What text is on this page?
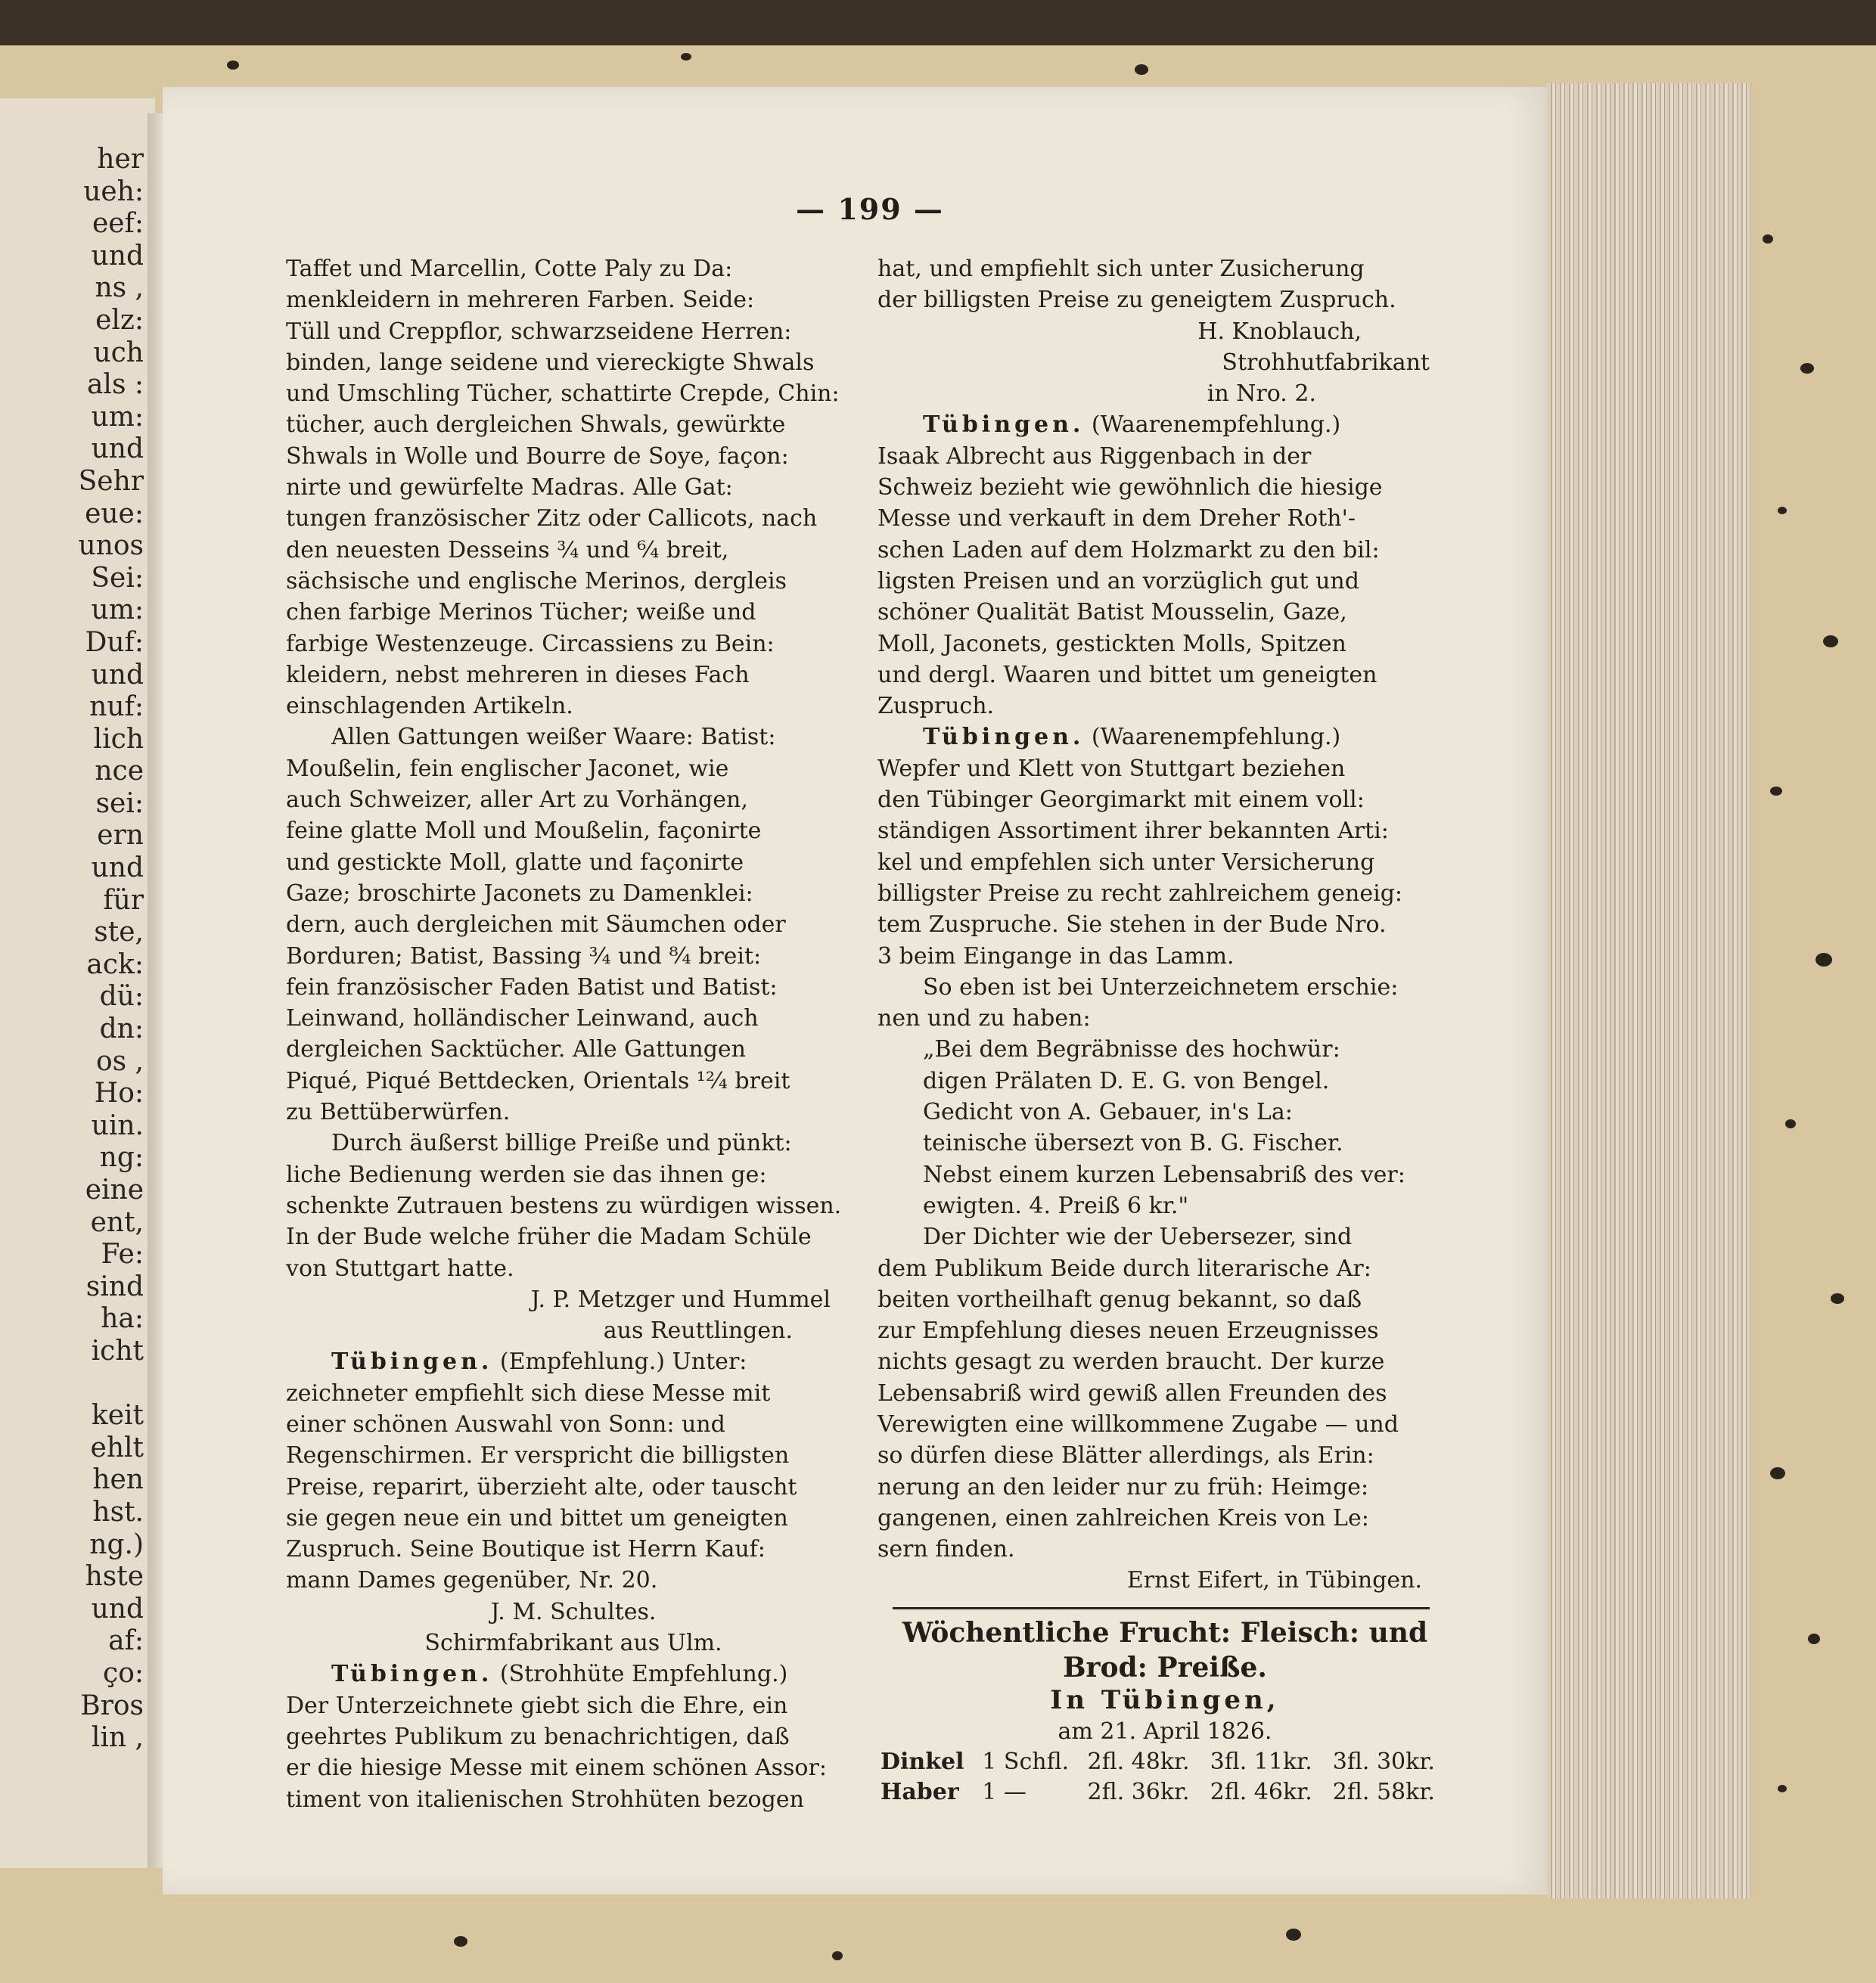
her
ueh:
eef:
und
ns ,
elz:
uch
als :
um:
und
Sehr
eue:
unos
Sei:
um:
Duf:
und
nuf:
lich
nce
sei:
ern
und
für
ste,
ack:
dü:
dn:
os ,
Ho:
uin.
ng:
eine
ent,
Fe:
sind
ha:
icht

keit
ehlt
hen
hst.
ng.)
hste
und
af:
ço:
Bros
lin ,
— 199 —

Taffet und Marcellin, Cotte Paly zu Da:

menkleidern in mehreren Farben. Seide:

Tüll und Creppflor, schwarzseidene Herren:

binden, lange seidene und viereckigte Shwals

und Umschling Tücher, schattirte Crepde, Chin:

tücher, auch dergleichen Shwals, gewürkte

Shwals in Wolle und Bourre de Soye, façon:

nirte und gewürfelte Madras. Alle Gat:

tungen französischer Zitz oder Callicots, nach

den neuesten Desseins ¾ und ⁶⁄₄ breit,

sächsische und englische Merinos, dergleis

chen farbige Merinos Tücher; weiße und

farbige Westenzeuge. Circassiens zu Bein:

kleidern, nebst mehreren in dieses Fach

einschlagenden Artikeln.

Allen Gattungen weißer Waare: Batist:

Moußelin, fein englischer Jaconet, wie

auch Schweizer, aller Art zu Vorhängen,

feine glatte Moll und Moußelin, façonirte

und gestickte Moll, glatte und façonirte

Gaze; broschirte Jaconets zu Damenklei:

dern, auch dergleichen mit Säumchen oder

Borduren; Batist, Bassing ¾ und ⁸⁄₄ breit:

fein französischer Faden Batist und Batist:

Leinwand, holländischer Leinwand, auch

dergleichen Sacktücher. Alle Gattungen

Piqué, Piqué Bettdecken, Orientals ¹²⁄₄ breit

zu Bettüberwürfen.

Durch äußerst billige Preiße und pünkt:

liche Bedienung werden sie das ihnen ge:

schenkte Zutrauen bestens zu würdigen wissen.

In der Bude welche früher die Madam Schüle

von Stuttgart hatte.

J. P. Metzger und Hummel

aus Reuttlingen.

Tübingen. (Empfehlung.) Unter:

zeichneter empfiehlt sich diese Messe mit

einer schönen Auswahl von Sonn: und

Regenschirmen. Er verspricht die billigsten

Preise, reparirt, überzieht alte, oder tauscht

sie gegen neue ein und bittet um geneigten

Zuspruch. Seine Boutique ist Herrn Kauf:

mann Dames gegenüber, Nr. 20.

J. M. Schultes.

Schirmfabrikant aus Ulm.

Tübingen. (Strohhüte Empfehlung.)

Der Unterzeichnete giebt sich die Ehre, ein

geehrtes Publikum zu benachrichtigen, daß

er die hiesige Messe mit einem schönen Assor:

timent von italienischen Strohhüten bezogen

hat, und empfiehlt sich unter Zusicherung

der billigsten Preise zu geneigtem Zuspruch.

H. Knoblauch,

Strohhutfabrikant

in Nro. 2.

Tübingen. (Waarenempfehlung.)

Isaak Albrecht aus Riggenbach in der

Schweiz bezieht wie gewöhnlich die hiesige

Messe und verkauft in dem Dreher Roth'-

schen Laden auf dem Holzmarkt zu den bil:

ligsten Preisen und an vorzüglich gut und

schöner Qualität Batist Mousselin, Gaze,

Moll, Jaconets, gestickten Molls, Spitzen

und dergl. Waaren und bittet um geneigten

Zuspruch.

Tübingen. (Waarenempfehlung.)

Wepfer und Klett von Stuttgart beziehen

den Tübinger Georgimarkt mit einem voll:

ständigen Assortiment ihrer bekannten Arti:

kel und empfehlen sich unter Versicherung

billigster Preise zu recht zahlreichem geneig:

tem Zuspruche. Sie stehen in der Bude Nro.

3 beim Eingange in das Lamm.

So eben ist bei Unterzeichnetem erschie:

nen und zu haben:

„Bei dem Begräbnisse des hochwür:

digen Prälaten D. E. G. von Bengel.

Gedicht von A. Gebauer, in's La:

teinische übersezt von B. G. Fischer.

Nebst einem kurzen Lebensabriß des ver:

ewigten. 4. Preiß 6 kr."

Der Dichter wie der Uebersezer, sind

dem Publikum Beide durch literarische Ar:

beiten vortheilhaft genug bekannt, so daß

zur Empfehlung dieses neuen Erzeugnisses

nichts gesagt zu werden braucht. Der kurze

Lebensabriß wird gewiß allen Freunden des

Verewigten eine willkommene Zugabe — und

so dürfen diese Blätter allerdings, als Erin:

nerung an den leider nur zu früh: Heimge:

gangenen, einen zahlreichen Kreis von Le:

sern finden.

Ernst Eifert, in Tübingen.

Wöchentliche Frucht: Fleisch: und

Brod: Preiße.

In Tübingen,

am 21. April 1826.

Dinkel	1 Schfl.	2fl. 48kr.	3fl. 11kr.	3fl. 30kr.
Haber	1 —	2fl. 36kr.	2fl. 46kr.	2fl. 58kr.
